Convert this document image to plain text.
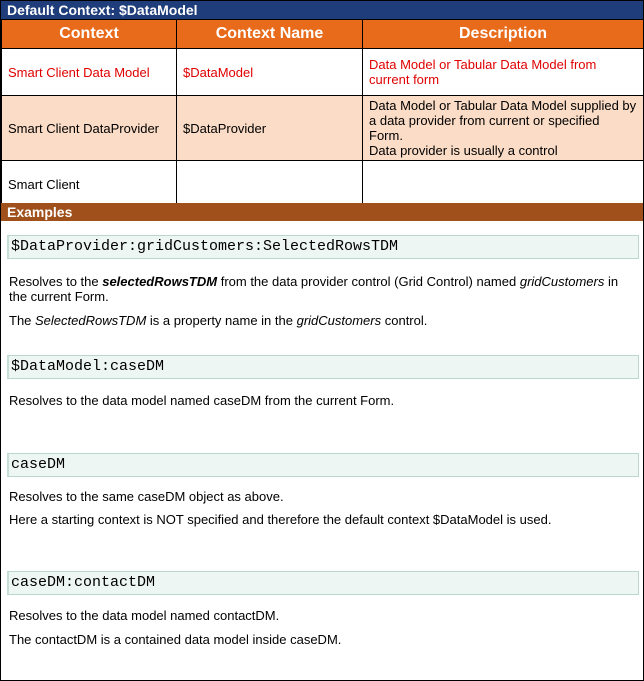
Default Context: $DataModel
Context	Context Name	Description
Smart Client Data Model	$DataModel	Data Model or Tabular Data Model from current form
Smart Client DataProvider	$DataProvider	Data Model or Tabular Data Model supplied by a data provider from current or specified Form.
Data provider is usually a control

Smart Client		
Examples
$DataProvider:gridCustomers:SelectedRowsTDM
Resolves to the selectedRowsTDM from the data provider control (Grid Control) named gridCustomers in the current Form.
The SelectedRowsTDM is a property name in the gridCustomers control.
$DataModel:caseDM
Resolves to the data model named caseDM from the current Form.
caseDM
Resolves to the same caseDM object as above.
Here a starting context is NOT specified and therefore the default context $DataModel is used.
caseDM:contactDM
Resolves to the data model named contactDM.
The contactDM is a contained data model inside caseDM.
